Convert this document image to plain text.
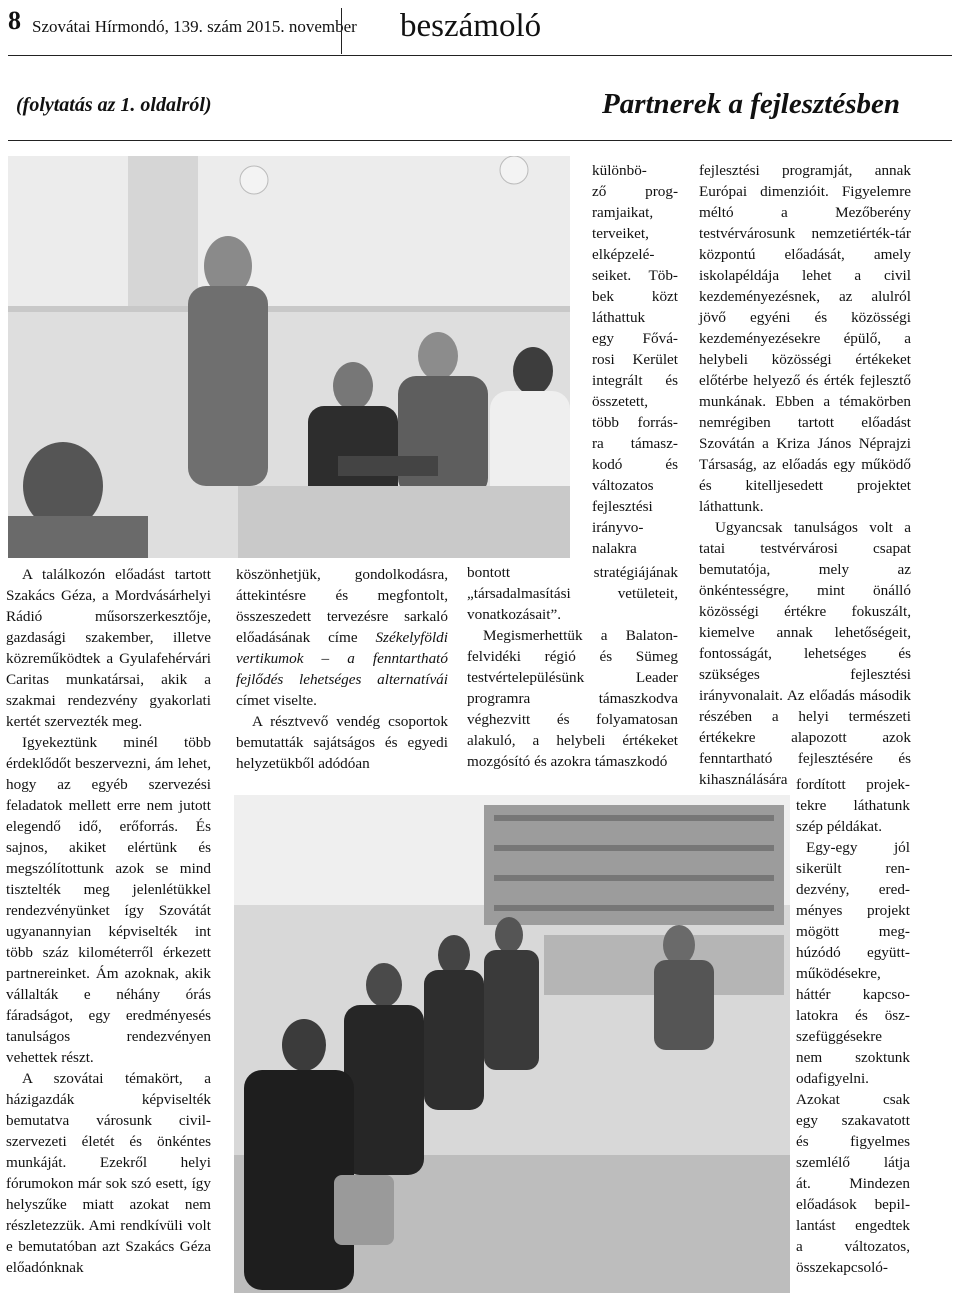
8 Szovátai Hírmondó, 139. szám 2015. november beszámoló
(folytatás az 1. oldalról)	Partnerek a fejlesztésben

A találkozón előadást tartott Szakács Géza, a Mordvásárhelyi Rádió műsorszerkesztője, gazdasági szakember, illetve közreműködtek a Gyulafehérvári Caritas munkatársai, akik a szakmai rendezvény gyakorlati kertét szervezték meg.

Igyekeztünk minél több érdeklődőt beszervezni, ám lehet, hogy az egyéb szervezési feladatok mellett erre nem jutott elegendő idő, erőforrás. És sajnos, akiket elértünk és megszólítottunk azok se mind tisztelték meg jelenlétükkel rendezvényünket így Szovátát ugyanannyian képviselték int több száz kilométerről érkezett partnereinket. Ám azoknak, akik vállalták e néhány órás fáradságot, egy eredményesés tanulságos rendezvényen vehettek részt.

A szovátai témakört, a házigazdák képviselték bemutatva városunk civil-szervezeti életét és önkéntes munkáját. Ezekről helyi fórumokon már sok szó esett, így helyszűke miatt azokat nem részletezzük. Ami rendkívüli volt e bemutatóban azt Szakács Géza előadónknak

köszönhetjük, gondolkodásra, áttekintésre és megfontolt, összeszedett tervezésre sarkaló előadásának címe Székelyföldi vertikumok – a fenntartható fejlődés lehetséges alternatívái címet viselte.

A résztvevő vendég csoportok bemutatták sajátságos és egyedi helyzetükből adódóan

különbö-
ző prog-
ramjaikat,
terveiket,
elképzelé-
seiket. Töb-
bek közt
láthattuk
egy Fővá-
rosi Kerület
integrált és
összetett,
több forrás-
ra támasz-
kodó és
változatos
fejlesztési
irányvo-
nalakra

bontott stratégiájának „társadalmasítási vetületeit, vonatkozásait”.

Megismerhettük a Balaton-felvidéki régió és Sümeg testvértelepülésünk Leader programra támaszkodva véghezvitt és folyamatosan alakuló, a helybeli értékeket mozgósító és azokra támaszkodó

fejlesztési programját, annak Európai dimenzióit. Figyelemre méltó a Mezőberény testvérvárosunk nemzetiérték-tár központú előadását, amely iskolapéldája lehet a civil kezdeményezésnek, az alulról jövő egyéni és közösségi kezdeményezésekre épülő, a helybeli közösségi értékeket előtérbe helyező és érték fejlesztő munkának. Ebben a témakörben nemrégiben tartott előadást Szovátán a Kriza János Néprajzi Társaság, az előadás egy működő és kitelljesedett projektet láthattunk.

Ugyancsak tanulságos volt a tatai testvérvárosi csapat bemutatója, mely az önkéntességre, mint önálló közösségi értékre fokuszált, kiemelve annak lehetőségeit, fontosságát, lehetséges és szükséges fejlesztési irányvonalait. Az előadás második részében a helyi természeti értékekre alapozott azok fenntartható fejlesztésére és kihasználására fordított projek-
tekre láthatunk
szép példákat.
Egy-egy jól
sikerült ren-
dezvény, ered-
ményes projekt
mögött meg-
húzódó együtt-
működésekre,
háttér kapcso-
latokra és ösz-
szefüggésekre
nem szoktunk
odafigyelni.
Azokat csak
egy szakavatott
és figyelmes
szemlélő látja
át. Mindezen
előadások bepil-
lantást engedtek
a változatos,
összekapcsoló-
